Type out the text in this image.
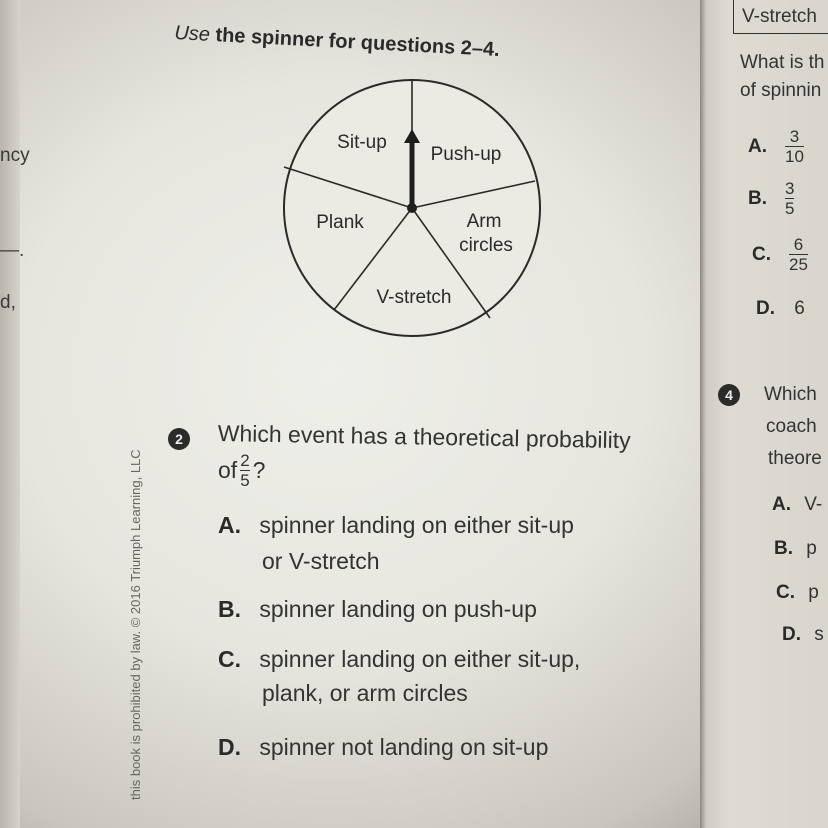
ncy
—.
d,
Use the spinner for questions 2–4.
Sit-up
Push-up
Arm
circles
V-stretch
Plank
2	Which event has a theoretical probability
of $\frac{2}{5}$ ?
A. spinner landing on either sit-up
or V-stretch
B. spinner landing on push-up
C. spinner landing on either sit-up,
plank, or arm circles
D. spinner not landing on sit-up
this book is prohibited by law. © 2016 Triumph Learning, LLC
V-stretch
What is th
of spinnin
A. $\frac{3}{10}$
B. $\frac{3}{5}$
C. $\frac{6}{25}$
D. 6
4	Which
coach
theore
A. V-
B. p
C. p
D. s
